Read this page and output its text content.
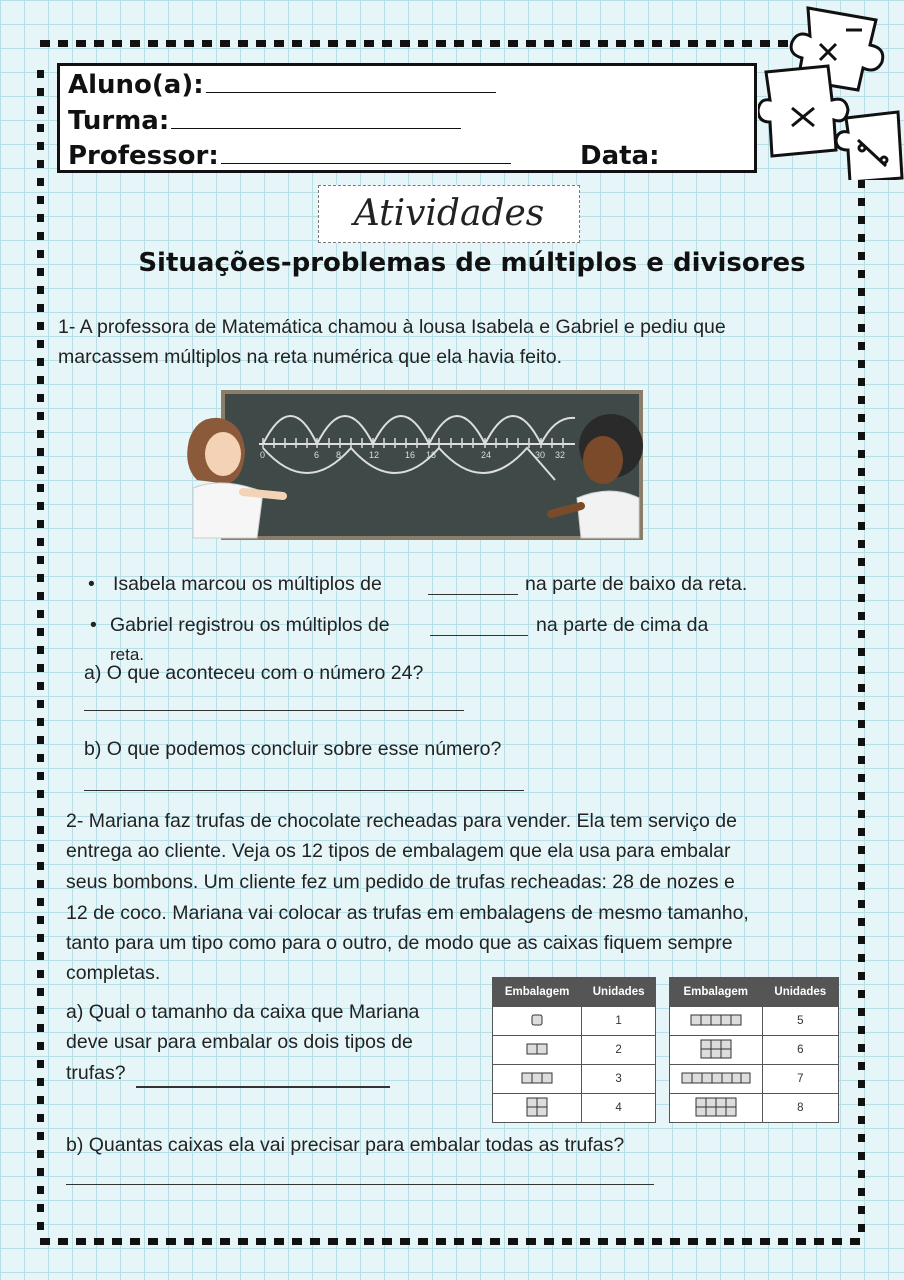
Aluno(a):
Turma:
Professor:	Data:
Atividades
Situações-problemas de múltiplos e divisores
1- A professora de Matemática chamou à lousa Isabela e Gabriel e pediu que
marcassem múltiplos na reta numérica que ela havia feito.
0	6 8	12	16 18	24	30 32
• Isabela marcou os múltiplos de	na parte de baixo da reta.
• Gabriel registrou os múltiplos de	na parte de cima da
reta.
a) O que aconteceu com o número 24?
b) O que podemos concluir sobre esse número?
2- Mariana faz trufas de chocolate recheadas para vender. Ela tem serviço de
entrega ao cliente. Veja os 12 tipos de embalagem que ela usa para embalar
seus bombons. Um cliente fez um pedido de trufas recheadas: 28 de nozes e
12 de coco. Mariana vai colocar as trufas em embalagens de mesmo tamanho,
tanto para um tipo como para o outro, de modo que as caixas fiquem sempre
completas.
a) Qual o tamanho da caixa que Mariana
deve usar para embalar os dois tipos de
trufas?
Embalagem	Unidades
	1
	2
	3
	4
Embalagem	Unidades
	5
	6
	7
	8
b) Quantas caixas ela vai precisar para embalar todas as trufas?
